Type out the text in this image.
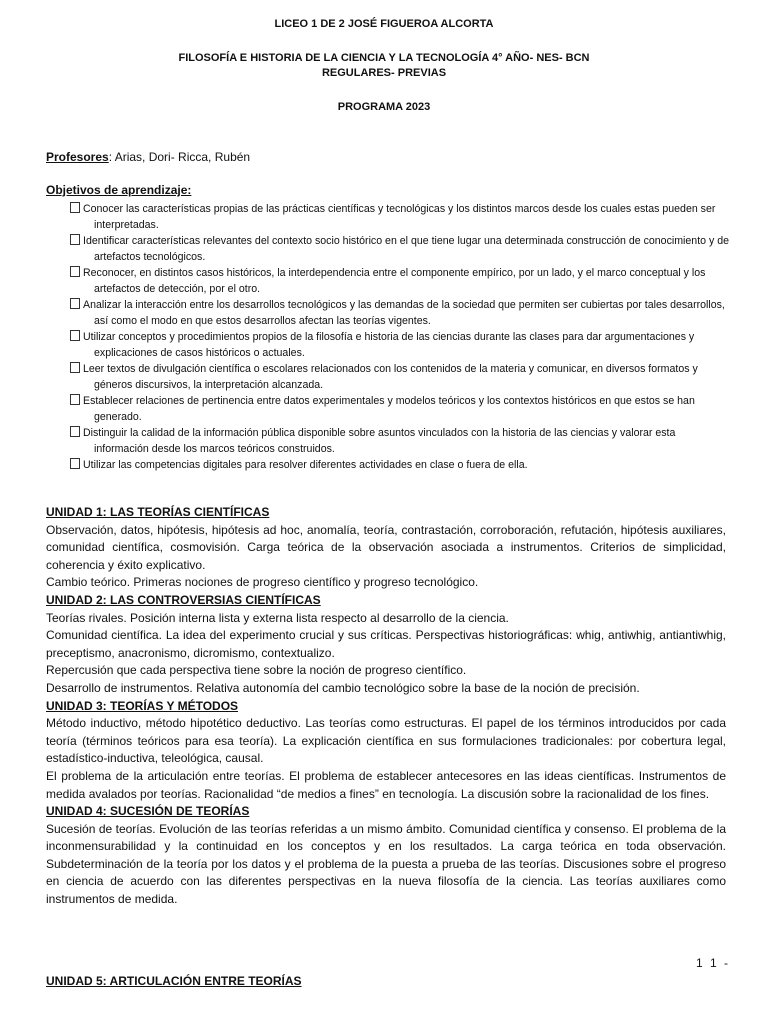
LICEO 1 DE 2 JOSÉ FIGUEROA ALCORTA
FILOSOFÍA E HISTORIA DE LA CIENCIA Y LA TECNOLOGÍA 4° AÑO- NES- BCN
REGULARES- PREVIAS
PROGRAMA 2023
Profesores: Arias, Dori- Ricca, Rubén
Objetivos de aprendizaje:
Conocer las características propias de las prácticas científicas y tecnológicas y los distintos marcos desde los cuales estas pueden ser interpretadas.
Identificar características relevantes del contexto socio histórico en el que tiene lugar una determinada construcción de conocimiento y de artefactos tecnológicos.
Reconocer, en distintos casos históricos, la interdependencia entre el componente empírico, por un lado, y el marco conceptual y los artefactos de detección, por el otro.
Analizar la interacción entre los desarrollos tecnológicos y las demandas de la sociedad que permiten ser cubiertas por tales desarrollos, así como el modo en que estos desarrollos afectan las teorías vigentes.
Utilizar conceptos y procedimientos propios de la filosofía e historia de las ciencias durante las clases para dar argumentaciones y explicaciones de casos históricos o actuales.
Leer textos de divulgación científica o escolares relacionados con los contenidos de la materia y comunicar, en diversos formatos y géneros discursivos, la interpretación alcanzada.
Establecer relaciones de pertinencia entre datos experimentales y modelos teóricos y los contextos históricos en que estos se han generado.
Distinguir la calidad de la información pública disponible sobre asuntos vinculados con la historia de las ciencias y valorar esta información desde los marcos teóricos construidos.
Utilizar las competencias digitales para resolver diferentes actividades en clase o fuera de ella.
UNIDAD 1: LAS TEORÍAS CIENTÍFICAS

Observación, datos, hipótesis, hipótesis ad hoc, anomalía, teoría, contrastación, corroboración, refutación, hipótesis auxiliares, comunidad científica, cosmovisión. Carga teórica de la observación asociada a instrumentos. Criterios de simplicidad, coherencia y éxito explicativo.

Cambio teórico. Primeras nociones de progreso científico y progreso tecnológico.

UNIDAD 2: LAS CONTROVERSIAS CIENTÍFICAS

Teorías rivales. Posición interna lista y externa lista respecto al desarrollo de la ciencia.

Comunidad científica. La idea del experimento crucial y sus críticas. Perspectivas historiográficas: whig, antiwhig, antiantiwhig, preceptismo, anacronismo, dicromismo, contextualizo.

Repercusión que cada perspectiva tiene sobre la noción de progreso científico.

Desarrollo de instrumentos. Relativa autonomía del cambio tecnológico sobre la base de la noción de precisión.

UNIDAD 3: TEORÍAS Y MÉTODOS

Método inductivo, método hipotético deductivo. Las teorías como estructuras. El papel de los términos introducidos por cada teoría (términos teóricos para esa teoría). La explicación científica en sus formulaciones tradicionales: por cobertura legal, estadístico-inductiva, teleológica, causal.

El problema de la articulación entre teorías. El problema de establecer antecesores en las ideas científicas. Instrumentos de medida avalados por teorías. Racionalidad “de medios a fines” en tecnología. La discusión sobre la racionalidad de los fines.

UNIDAD 4: SUCESIÓN DE TEORÍAS

Sucesión de teorías. Evolución de las teorías referidas a un mismo ámbito. Comunidad científica y consenso. El problema de la inconmensurabilidad y la continuidad en los conceptos y en los resultados. La carga teórica en toda observación. Subdeterminación de la teoría por los datos y el problema de la puesta a prueba de las teorías. Discusiones sobre el progreso en ciencia de acuerdo con las diferentes perspectivas en la nueva filosofía de la ciencia. Las teorías auxiliares como instrumentos de medida.

1 1 -
UNIDAD 5: ARTICULACIÓN ENTRE TEORÍAS
